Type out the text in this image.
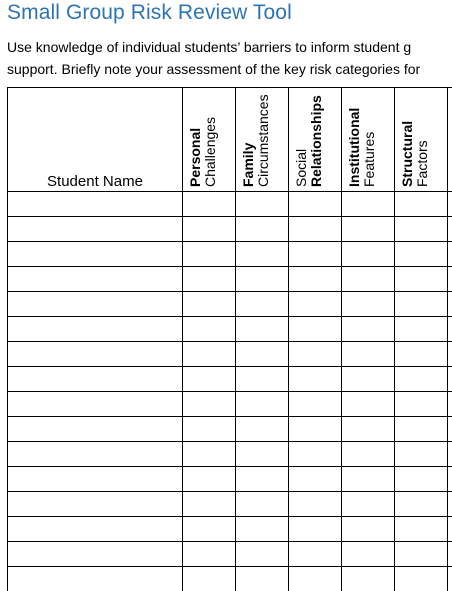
Small Group Risk Review Tool
Use knowledge of individual students’ barriers to inform student g
support. Briefly note your assessment of the key risk categories for
Student Name	Personal Challenges	Family Circumstances	Social Relationships	Institutional Features	Structural Factors	
